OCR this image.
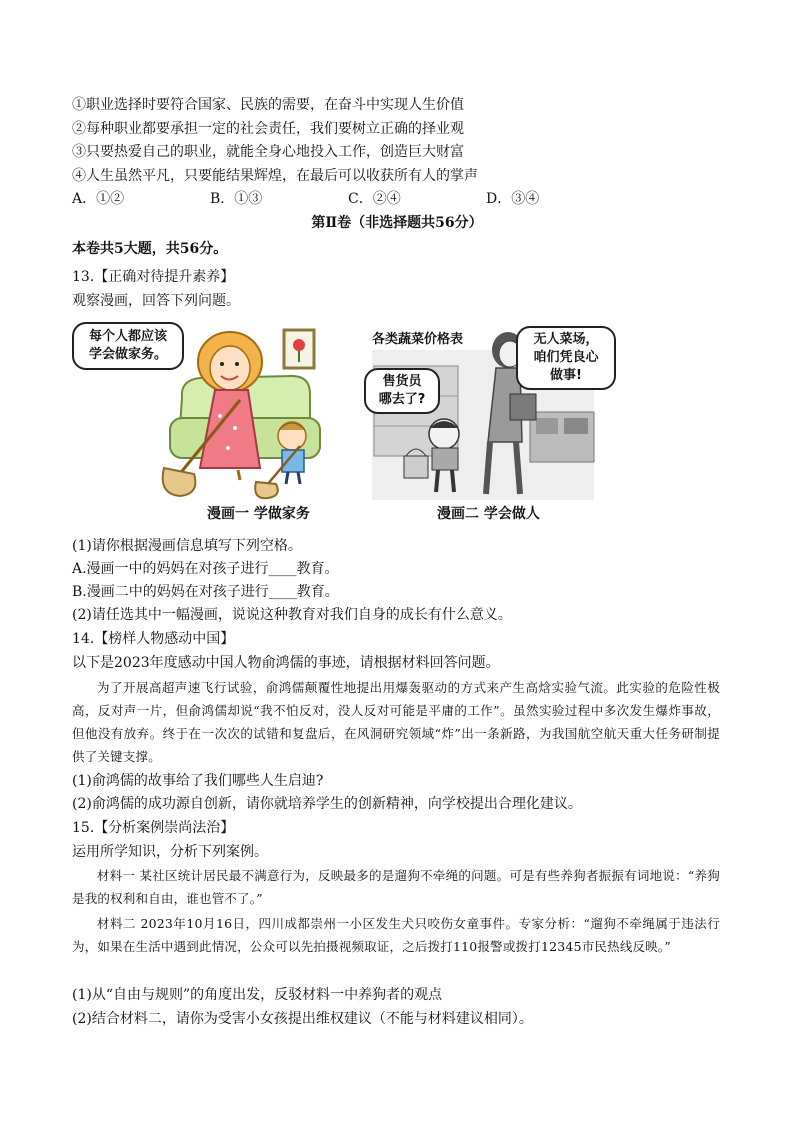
①职业选择时要符合国家、民族的需要，在奋斗中实现人生价值
②每种职业都要承担一定的社会责任，我们要树立正确的择业观
③只要热爱自己的职业，就能全身心地投入工作，创造巨大财富
④人生虽然平凡，只要能结果辉煌，在最后可以收获所有人的掌声
A．①②	B．①③	C．②④	D．③④
第Ⅱ卷（非选择题共56分）
本卷共5大题，共56分。
13.【正确对待提升素养】
观察漫画，回答下列问题。
每个人都应该
学会做家务。
漫画一 学做家务
各类蔬菜价格表	无人菜场，
咱们凭良心
做事!
售货员
哪去了?
漫画二 学会做人
(1)请你根据漫画信息填写下列空格。
A.漫画一中的妈妈在对孩子进行____教育。
B.漫画二中的妈妈在对孩子进行____教育。
(2)请任选其中一幅漫画，说说这种教育对我们自身的成长有什么意义。
14.【榜样人物感动中国】
以下是2023年度感动中国人物俞鸿儒的事迹，请根据材料回答问题。

为了开展高超声速飞行试验，俞鸿儒颠覆性地提出用爆轰驱动的方式来产生高焓实验气流。此实验的危险性极高，反对声一片，但俞鸿儒却说“我不怕反对，没人反对可能是平庸的工作”。虽然实验过程中多次发生爆炸事故，但他没有放弃。终于在一次次的试错和复盘后，在风洞研究领域“炸”出一条新路，为我国航空航天重大任务研制提供了关键支撑。

(1)俞鸿儒的故事给了我们哪些人生启迪?
(2)俞鸿儒的成功源自创新，请你就培养学生的创新精神，向学校提出合理化建议。
15.【分析案例崇尚法治】
运用所学知识，分析下列案例。

材料一 某社区统计居民最不满意行为，反映最多的是遛狗不牵绳的问题。可是有些养狗者振振有词地说：“养狗是我的权利和自由，谁也管不了。”

材料二 2023年10月16日，四川成都崇州一小区发生犬只咬伤女童事件。专家分析：“遛狗不牵绳属于违法行为，如果在生活中遇到此情况，公众可以先拍摄视频取证，之后拨打110报警或拨打12345市民热线反映。”

(1)从“自由与规则”的角度出发，反驳材料一中养狗者的观点
(2)结合材料二，请你为受害小女孩提出维权建议（不能与材料建议相同）。
